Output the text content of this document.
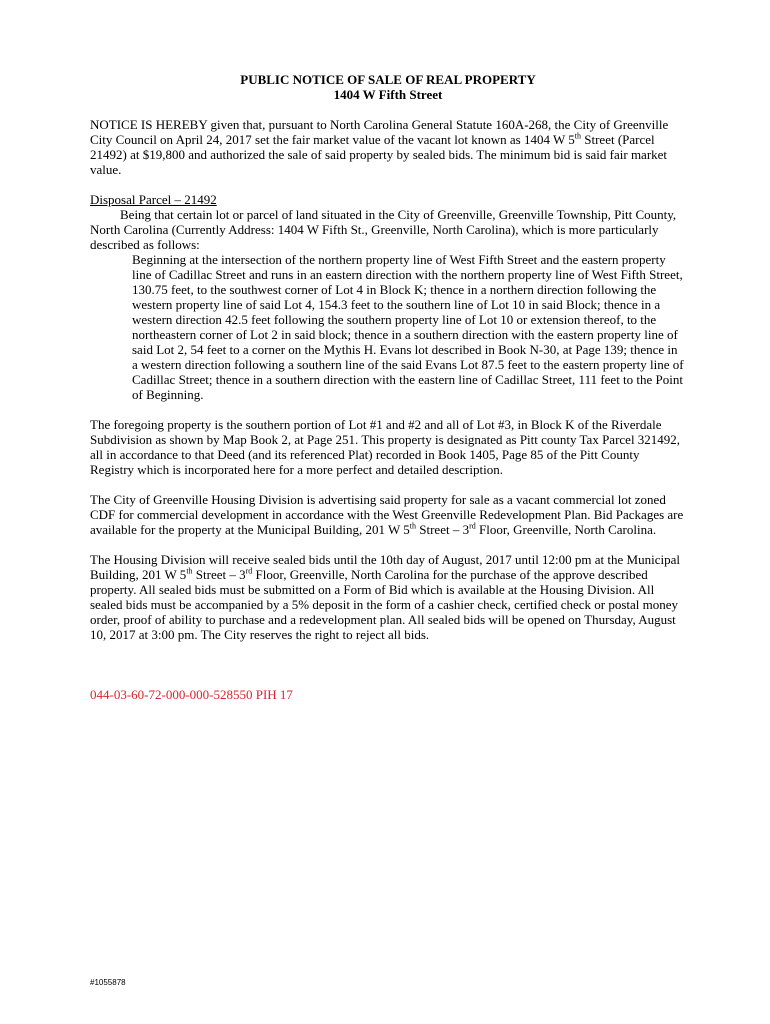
PUBLIC NOTICE OF SALE OF REAL PROPERTY

1404 W Fifth Street

NOTICE IS HEREBY given that, pursuant to North Carolina General Statute 160A-268, the City of Greenville City Council on April 24, 2017 set the fair market value of the vacant lot known as 1404 W 5th Street (Parcel 21492) at $19,800 and authorized the sale of said property by sealed bids. The minimum bid is said fair market value.

Disposal Parcel – 21492

Being that certain lot or parcel of land situated in the City of Greenville, Greenville Township, Pitt County, North Carolina (Currently Address: 1404 W Fifth St., Greenville, North Carolina), which is more particularly described as follows:

Beginning at the intersection of the northern property line of West Fifth Street and the eastern property line of Cadillac Street and runs in an eastern direction with the northern property line of West Fifth Street, 130.75 feet, to the southwest corner of Lot 4 in Block K; thence in a northern direction following the western property line of said Lot 4, 154.3 feet to the southern line of Lot 10 in said Block; thence in a western direction 42.5 feet following the southern property line of Lot 10 or extension thereof, to the northeastern corner of Lot 2 in said block; thence in a southern direction with the eastern property line of said Lot 2, 54 feet to a corner on the Mythis H. Evans lot described in Book N-30, at Page 139; thence in a western direction following a southern line of the said Evans Lot 87.5 feet to the eastern property line of Cadillac Street; thence in a southern direction with the eastern line of Cadillac Street, 111 feet to the Point of Beginning.

The foregoing property is the southern portion of Lot #1 and #2 and all of Lot #3, in Block K of the Riverdale Subdivision as shown by Map Book 2, at Page 251. This property is designated as Pitt county Tax Parcel 321492, all in accordance to that Deed (and its referenced Plat) recorded in Book 1405, Page 85 of the Pitt County Registry which is incorporated here for a more perfect and detailed description.

The City of Greenville Housing Division is advertising said property for sale as a vacant commercial lot zoned CDF for commercial development in accordance with the West Greenville Redevelopment Plan. Bid Packages are available for the property at the Municipal Building, 201 W 5th Street – 3rd Floor, Greenville, North Carolina.

The Housing Division will receive sealed bids until the 10th day of August, 2017 until 12:00 pm at the Municipal Building, 201 W 5th Street – 3rd Floor, Greenville, North Carolina for the purchase of the approve described property. All sealed bids must be submitted on a Form of Bid which is available at the Housing Division. All sealed bids must be accompanied by a 5% deposit in the form of a cashier check, certified check or postal money order, proof of ability to purchase and a redevelopment plan. All sealed bids will be opened on Thursday, August 10, 2017 at 3:00 pm. The City reserves the right to reject all bids.

044-03-60-72-000-000-528550 PIH 17

#1055878
